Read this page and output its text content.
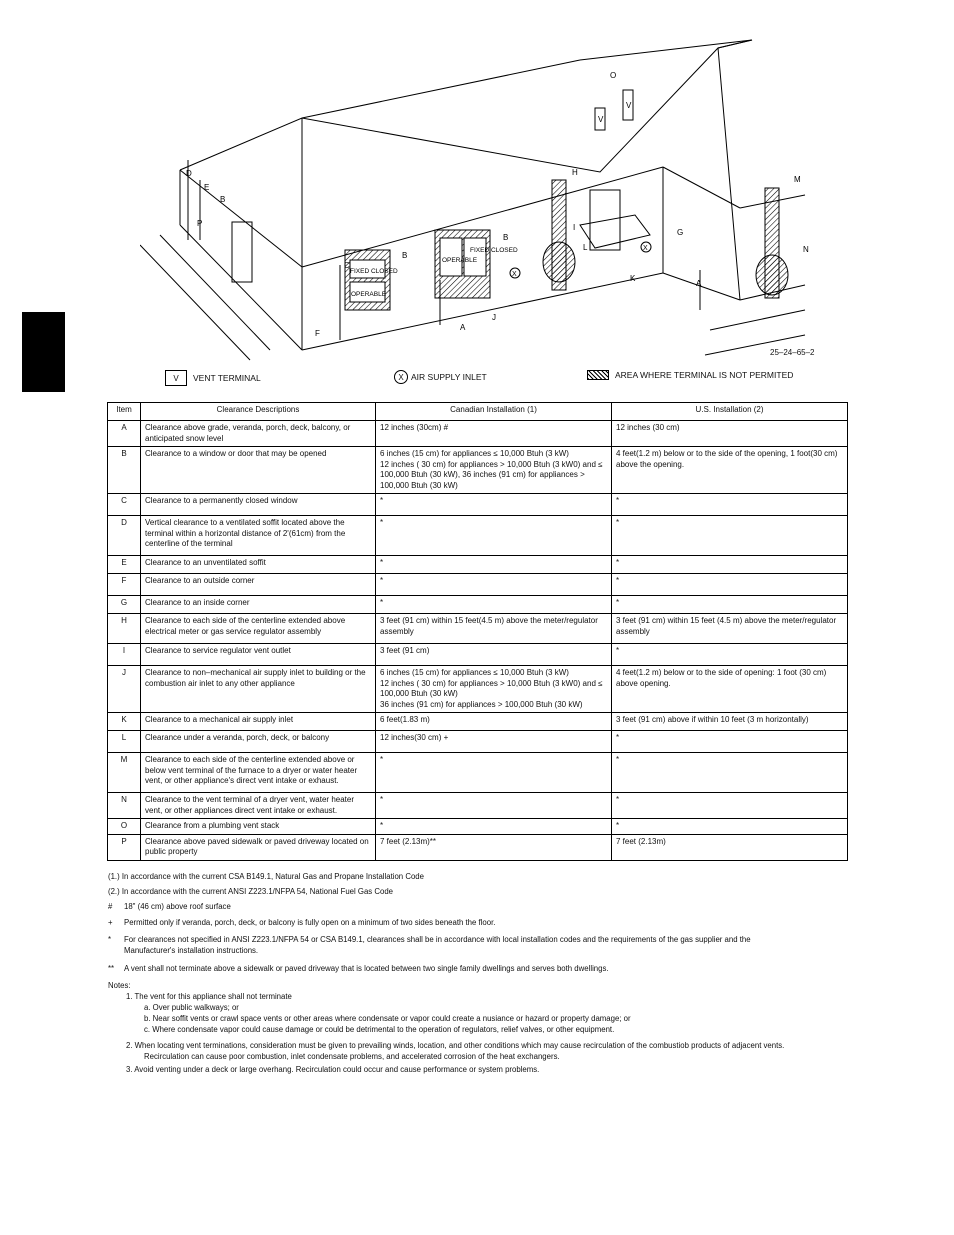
O
V
V
H
M
N
G
A
D
E
B
P
C
F
B
B
A
J
I
L
K
X
X
FIXED CLOSED
OPERABLE
OPERABLE
FIXED CLOSED
25–24–65–2
V	VENT TERMINAL	X AIR SUPPLY INLET	AREA WHERE TERMINAL IS NOT PERMITED
Item	Clearance Descriptions	Canadian Installation (1)	U.S. Installation (2)
A	Clearance above grade, veranda, porch, deck, balcony, or anticipated snow level	12 inches (30cm) #	12 inches (30 cm)
B	Clearance to a window or door that may be opened	6 inches (15 cm) for appliances ≤ 10,000 Btuh (3 kW)
12 inches ( 30 cm) for appliances > 10,000 Btuh (3 kW0) and ≤ 100,000 Btuh (30 kW), 36 inches (91 cm) for appliances > 100,000 Btuh (30 kW)	4 feet(1.2 m) below or to the side of the opening, 1 foot(30 cm) above the opening.
C	Clearance to a permanently closed window	*	*
D	Vertical clearance to a ventilated soffit located above the terminal within a horizontal distance of 2'(61cm) from the centerline of the terminal	*	*
E	Clearance to an unventilated soffit	*	*
F	Clearance to an outside corner	*	*
G	Clearance to an inside corner	*	*
H	Clearance to each side of the centerline extended above electrical meter or gas service regulator assembly	3 feet (91 cm) within 15 feet(4.5 m) above the meter/regulator assembly	3 feet (91 cm) within 15 feet (4.5 m) above the meter/regulator assembly
I	Clearance to service regulator vent outlet	3 feet (91 cm)	*
J	Clearance to non–mechanical air supply inlet to building or the combustion air inlet to any other appliance	6 inches (15 cm) for appliances ≤ 10,000 Btuh (3 kW)
12 inches ( 30 cm) for appliances > 10,000 Btuh (3 kW0) and ≤ 100,000 Btuh (30 kW)
36 inches (91 cm) for appliances > 100,000 Btuh (30 kW)	4 feet(1.2 m) below or to the side of opening: 1 foot (30 cm) above opening.
K	Clearance to a mechanical air supply inlet	6 feet(1.83 m)	3 feet (91 cm) above if within 10 feet (3 m horizontally)
L	Clearance under a veranda, porch, deck, or balcony	12 inches(30 cm) +	*
M	Clearance to each side of the centerline extended above or below vent terminal of the furnace to a dryer or water heater vent, or other appliance's direct vent intake or exhaust.	*	*
N	Clearance to the vent terminal of a dryer vent, water heater vent, or other appliances direct vent intake or exhaust.	*	*
O	Clearance from a plumbing vent stack	*	*
P	Clearance above paved sidewalk or paved driveway located on public property	7 feet (2.13m)**	7 feet (2.13m)
(1.) In accordance with the current CSA B149.1, Natural Gas and Propane Installation Code
(2.) In accordance with the current ANSI Z223.1/NFPA 54, National Fuel Gas Code
# 18" (46 cm) above roof surface
+ Permitted only if veranda, porch, deck, or balcony is fully open on a minimum of two sides beneath the floor.
* For clearances not specified in ANSI Z223.1/NFPA 54 or CSA B149.1, clearances shall be in accordance with local installation codes and the requirements of the gas supplier and the
Manufacturer's installation instructions.
** A vent shall not terminate above a sidewalk or paved driveway that is located between two single family dwellings and serves both dwellings.
Notes:
1. The vent for this appliance shall not terminate
a. Over public walkways; or
b. Near soffit vents or crawl space vents or other areas where condensate or vapor could create a nusiance or hazard or property damage; or
c. Where condensate vapor could cause damage or could be detrimental to the operation of regulators, relief valves, or other equipment.
2. When locating vent terminations, consideration must be given to prevailing winds, location, and other conditions which may cause recirculation of the combustiob products of adjacent vents.
Recirculation can cause poor combustion, inlet condensate problems, and accelerated corrosion of the heat exchangers.
3. Avoid venting under a deck or large overhang. Recirculation could occur and cause performance or system problems.
